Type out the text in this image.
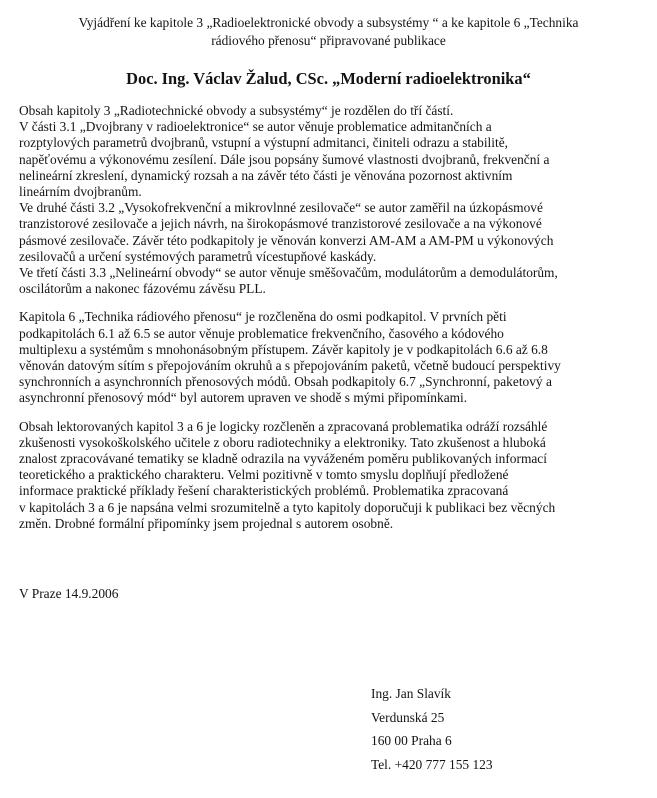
Vyjádření ke kapitole 3 „Radioelektronické obvody a subsystémy “ a ke kapitole 6 „Technika
rádiového přenosu“ připravované publikace
Doc. Ing. Václav Žalud, CSc. „Moderní radioelektronika“
Obsah kapitoly 3 „Radiotechnické obvody a subsystémy“ je rozdělen do tří částí.
V části 3.1 „Dvojbrany v radioelektronice“ se autor věnuje problematice admitančních a
rozptylových parametrů dvojbranů, vstupní a výstupní admitanci, činiteli odrazu a stabilitě,
napěťovému a výkonovému zesílení. Dále jsou popsány šumové vlastnosti dvojbranů, frekvenční a
nelineární zkreslení, dynamický rozsah a na závěr této části je věnována pozornost aktivním
lineárním dvojbranům.
Ve druhé části 3.2 „Vysokofrekvenční a mikrovlnné zesilovače“ se autor zaměřil na úzkopásmové
tranzistorové zesilovače a jejich návrh, na širokopásmové tranzistorové zesilovače a na výkonové
pásmové zesilovače. Závěr této podkapitoly je věnován konverzi AM-AM a AM-PM u výkonových
zesilovačů a určení systémových parametrů vícestupňové kaskády.
Ve třetí části 3.3 „Nelineární obvody“ se autor věnuje směšovačům, modulátorům a demodulátorům,
oscilátorům a nakonec fázovému závěsu PLL.
Kapitola 6 „Technika rádiového přenosu“ je rozčleněna do osmi podkapitol. V prvních pěti
podkapitolách 6.1 až 6.5 se autor věnuje problematice frekvenčního, časového a kódového
multiplexu a systémům s mnohonásobným přístupem. Závěr kapitoly je v podkapitolách 6.6 až 6.8
věnován datovým sítím s přepojováním okruhů a s přepojováním paketů, včetně budoucí perspektivy
synchronních a asynchronních přenosových módů. Obsah podkapitoly 6.7 „Synchronní, paketový a
asynchronní přenosový mód“ byl autorem upraven ve shodě s mými připomínkami.
Obsah lektorovaných kapitol 3 a 6 je logicky rozčleněn a zpracovaná problematika odráží rozsáhlé
zkušenosti vysokoškolského učitele z oboru radiotechniky a elektroniky. Tato zkušenost a hluboká
znalost zpracovávané tematiky se kladně odrazila na vyváženém poměru publikovaných informací
teoretického a praktického charakteru. Velmi pozitivně v tomto smyslu doplňují předložené
informace praktické příklady řešení charakteristických problémů. Problematika zpracovaná
v kapitolách 3 a 6 je napsána velmi srozumitelně a tyto kapitoly doporučuji k publikaci bez věcných
změn. Drobné formální připomínky jsem projednal s autorem osobně.
V Praze 14.9.2006
Ing. Jan Slavík
Verdunská 25
160 00 Praha 6
Tel. +420 777 155 123
